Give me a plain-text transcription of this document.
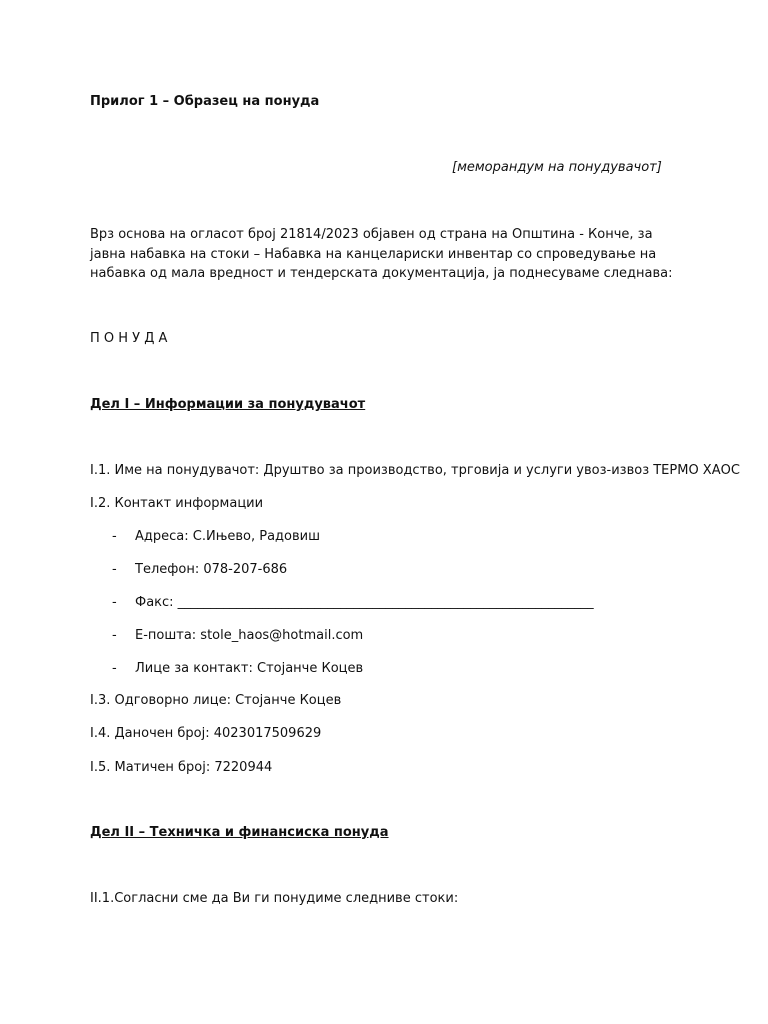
Прилог 1 – Образец на понуда
[меморандум на понудувачот]
Врз основа на огласот број 21814/2023 објавен од страна на Општина - Конче, за јавна набавка на стоки – Набавка на канцелариски инвентар со спроведување на набавка од мала вредност и тендерската документација, ја поднесуваме следнава:
П О Н У Д А
Дел I – Информации за понудувачот
I.1. Име на понудувачот: Друштво за производство, трговија и услуги увоз-извоз ТЕРМО ХАОС
I.2. Контакт информации
- Адреса: С.Ињево, Радовиш
- Телефон: 078-207-686
- Факс: ________________________________________________________________
- Е-пошта: stole_haos@hotmail.com
- Лице за контакт: Стојанче Коцев
I.3. Одговорно лице: Стојанче Коцев
I.4. Даночен број: 4023017509629
I.5. Матичен број: 7220944
Дел II – Техничка и финансиска понуда
II.1.Согласни сме да Ви ги понудиме следниве стоки:
